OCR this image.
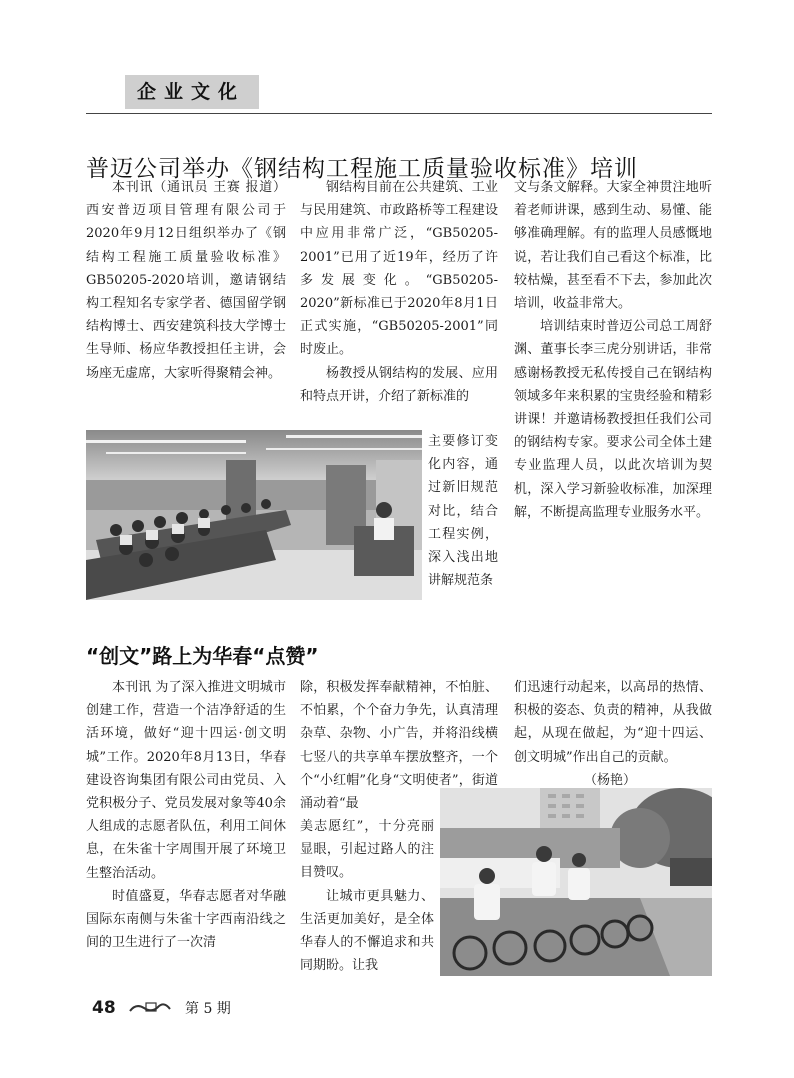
企业文化
普迈公司举办《钢结构工程施工质量验收标准》培训

本刊讯（通讯员 王赛 报道）西安普迈项目管理有限公司于2020年9月12日组织举办了《钢结构工程施工质量验收标准》GB50205-2020培训，邀请钢结构工程知名专家学者、德国留学钢结构博士、西安建筑科技大学博士生导师、杨应华教授担任主讲，会场座无虚席，大家听得聚精会神。

钢结构目前在公共建筑、工业与民用建筑、市政路桥等工程建设中应用非常广泛，“GB50205-2001”已用了近19年，经历了许多发展变化。“GB50205-2020”新标准已于2020年8月1日正式实施，“GB50205-2001”同时废止。

杨教授从钢结构的发展、应用和特点开讲，介绍了新标准的

主要修订变化内容，通过新旧规范对比，结合工程实例，深入浅出地讲解规范条

文与条文解释。大家全神贯注地听着老师讲课，感到生动、易懂、能够准确理解。有的监理人员感慨地说，若让我们自己看这个标准，比较枯燥，甚至看不下去，参加此次培训，收益非常大。

培训结束时普迈公司总工周舒渊、董事长李三虎分别讲话，非常感谢杨教授无私传授自己在钢结构领域多年来积累的宝贵经验和精彩讲课！并邀请杨教授担任我们公司的钢结构专家。要求公司全体土建专业监理人员，以此次培训为契机，深入学习新验收标准，加深理解，不断提高监理专业服务水平。

“创文”路上为华春“点赞”

本刊讯 为了深入推进文明城市创建工作，营造一个洁净舒适的生活环境，做好“迎十四运·创文明城”工作。2020年8月13日，华春建设咨询集团有限公司由党员、入党积极分子、党员发展对象等40余人组成的志愿者队伍，利用工间休息，在朱雀十字周围开展了环境卫生整治活动。

时值盛夏，华春志愿者对华融国际东南侧与朱雀十字西南沿线之间的卫生进行了一次清

除，积极发挥奉献精神，不怕脏、不怕累，个个奋力争先，认真清理杂草、杂物、小广告，并将沿线横七竖八的共享单车摆放整齐，一个个“小红帽”化身“文明使者”，街道涌动着“最

美志愿红”，十分亮丽显眼，引起过路人的注目赞叹。

让城市更具魅力、生活更加美好，是全体华春人的不懈追求和共同期盼。让我

们迅速行动起来，以高昂的热情、积极的姿态、负责的精神，从我做起，从现在做起，为“迎十四运、创文明城”作出自己的贡献。

（杨艳）

48	第 5 期
